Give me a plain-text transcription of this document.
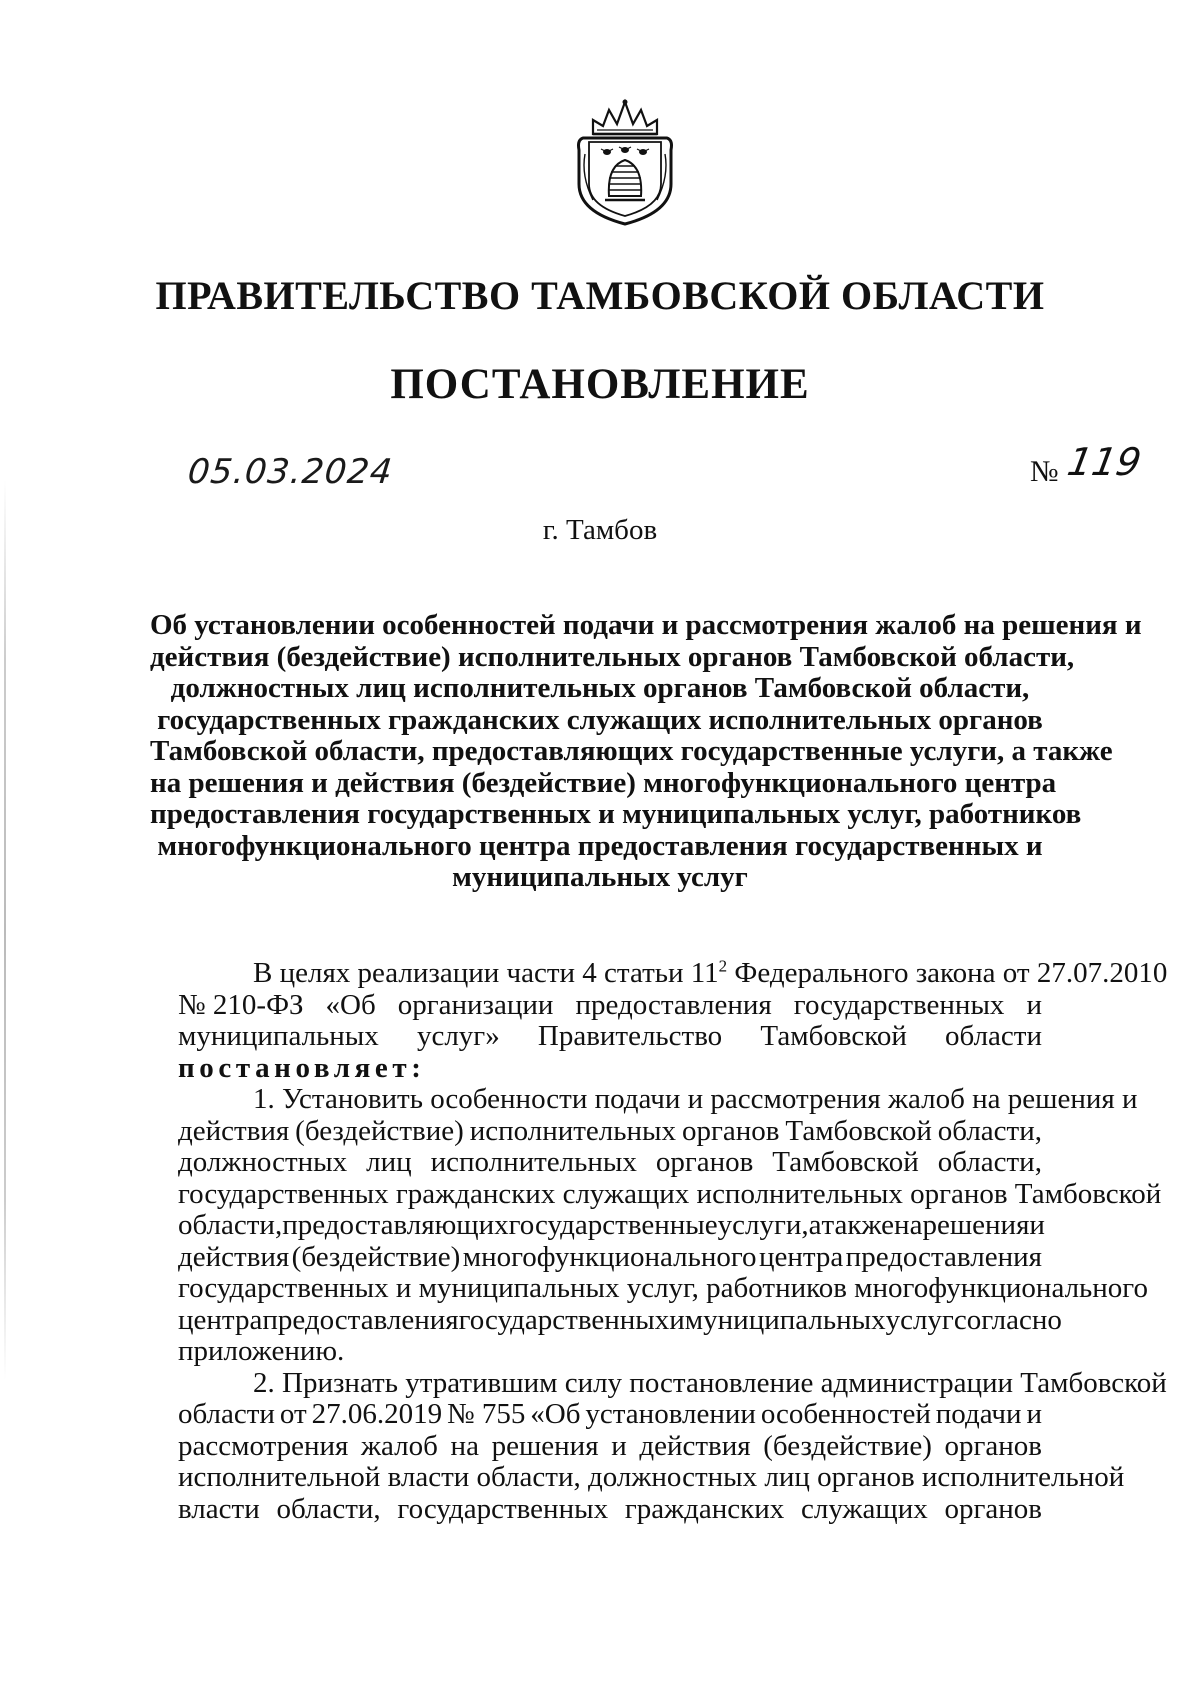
ПРАВИТЕЛЬСТВО ТАМБОВСКОЙ ОБЛАСТИ
ПОСТАНОВЛЕНИЕ
05.03.2024	№ 119
г. Тамбов
Об установлении особенностей подачи и рассмотрения жалоб на решения и
действия (бездействие) исполнительных органов Тамбовской области,
должностных лиц исполнительных органов Тамбовской области,
государственных гражданских служащих исполнительных органов
Тамбовской области, предоставляющих государственные услуги, а также
на решения и действия (бездействие) многофункционального центра
предоставления государственных и муниципальных услуг, работников
многофункционального центра предоставления государственных и
муниципальных услуг
В целях реализации части 4 статьи $11^2$ Федерального закона от 27.07.2010
№ 210-ФЗ «Об организации предоставления государственных и
муниципальных услуг» Правительство Тамбовской области
постановляет:
1. Установить особенности подачи и рассмотрения жалоб на решения и
действия (бездействие) исполнительных органов Тамбовской области,
должностных лиц исполнительных органов Тамбовской области,
государственных гражданских служащих исполнительных органов Тамбовской
области, предоставляющих государственные услуги, а также на решения и
действия (бездействие) многофункционального центра предоставления
государственных и муниципальных услуг, работников многофункционального
центра предоставления государственных и муниципальных услуг согласно
приложению.
2. Признать утратившим силу постановление администрации Тамбовской
области от 27.06.2019 № 755 «Об установлении особенностей подачи и
рассмотрения жалоб на решения и действия (бездействие) органов
исполнительной власти области, должностных лиц органов исполнительной
власти области, государственных гражданских служащих органов
